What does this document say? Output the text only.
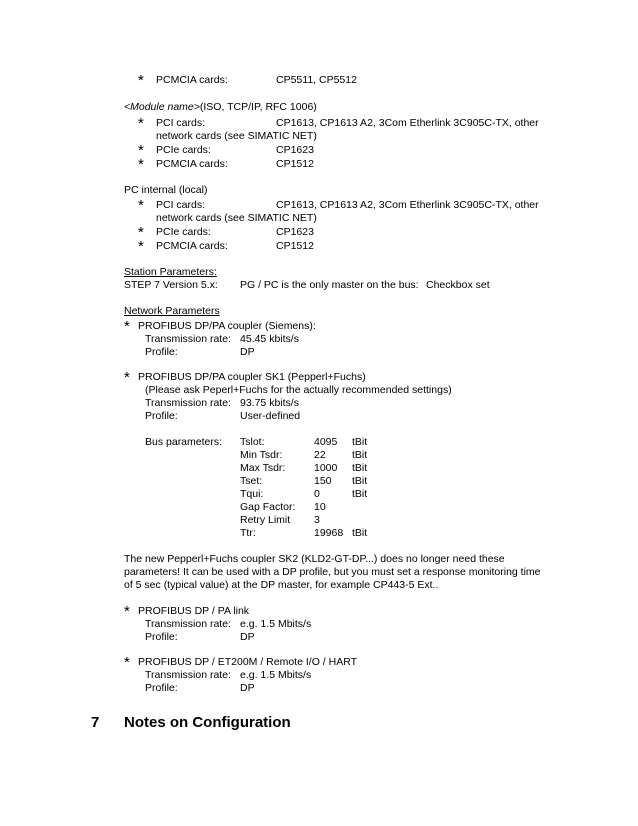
* PCMCIA cards:	CP5511, CP5512
<Module name>(ISO, TCP/IP, RFC 1006)
* PCI cards:	CP1613, CP1613 A2, 3Com Etherlink 3C905C-TX, other
network cards (see SIMATIC NET)
* PCIe cards:	CP1623
* PCMCIA cards:	CP1512
PC internal (local)
* PCI cards:	CP1613, CP1613 A2, 3Com Etherlink 3C905C-TX, other
network cards (see SIMATIC NET)
* PCIe cards:	CP1623
* PCMCIA cards:	CP1512
Station Parameters:
STEP 7 Version 5.x: PG / PC is the only master on the bus: Checkbox set
Network Parameters
* PROFIBUS DP/PA coupler (Siemens):
Transmission rate: 45.45 kbits/s
Profile:	DP
* PROFIBUS DP/PA coupler SK1 (Pepperl+Fuchs)
(Please ask Peperl+Fuchs for the actually recommended settings)
Transmission rate: 93.75 kbits/s
Profile:	User-defined
Bus parameters: Tslot:	4095 tBit
Min Tsdr:	22	tBit
Max Tsdr:	1000 tBit
Tset:	150 tBit
Tqui:	0	tBit
Gap Factor: 10
Retry Limit 3
Ttr:	19968 tBit
The new Pepperl+Fuchs coupler SK2 (KLD2-GT-DP...) does no longer need these
parameters! It can be used with a DP profile, but you must set a response monitoring time
of 5 sec (typical value) at the DP master, for example CP443-5 Ext..
* PROFIBUS DP / PA link
Transmission rate: e.g. 1.5 Mbits/s
Profile:	DP
* PROFIBUS DP / ET200M / Remote I/O / HART
Transmission rate: e.g. 1.5 Mbits/s
Profile:	DP
7 Notes on Configuration
